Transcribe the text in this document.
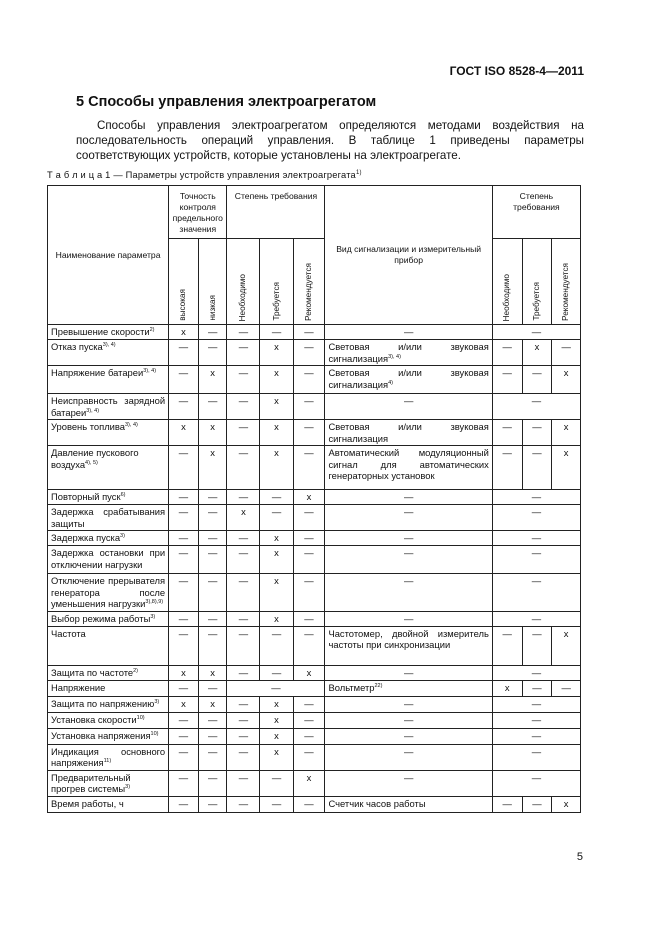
ГОСТ ISO 8528-4—2011
5 Способы управления электроагрегатом
Способы управления электроагрегатом определяются методами воздействия на последовательность операций управления. В таблице 1 приведены параметры соответствующих устройств, которые установлены на электроагрегате.
Т а б л и ц а 1 — Параметры устройств управления электроагрегата$^{1)}$
Наименование параметра	Точность контроля предельного значения		Степень требования			Вид сигнализации и измерительный прибор	Степень требования		

	высокая	низкая	Необходимо	Требуется	Рекомендуется		Необходимо	Требуется	Рекомендуется

Превышение скорости$^{2)}$	x	—	—	—	—	—	—		
Отказ пуска$^{3), 4)}$	—	—	—	x	—	Световая и/или звуковая сигнализация$^{3), 4)}$	—	x	—
Напряжение батареи$^{3), 4)}$	—	x	—	x	—	Световая и/или звуковая сигнализация$^{4)}$	—	—	x
Неисправность зарядной батареи$^{3), 4)}$	—	—	—	x	—	—	—		
Уровень топлива$^{3), 4)}$	x	x	—	x	—	Световая и/или звуковая сигнализация	—	—	x
Давление пускового воздуха$^{4), 5)}$	—	x	—	x	—	Автоматический модуляционный сигнал для автоматических генераторных установок	—	—	x
Повторный пуск$^{6)}$	—	—	—	—	x	—	—		
Задержка срабатывания защиты	—	—	x	—	—	—	—		
Задержка пуска$^{3)}$	—	—	—	x	—	—	—		
Задержка остановки при отключении нагрузки	—	—	—	x	—	—	—		
Отключение прерывателя генератора после уменьшения нагрузки$^{3),8),9)}$	—	—	—	x	—	—	—		
Выбор режима работы$^{3)}$	—	—	—	x	—	—	—		
Частота	—	—	—	—	—	Частотомер, двойной измеритель частоты при синхронизации	—	—	x
Защита по частоте$^{2)}$	x	x	—	—	x	—	—		
Напряжение	—	—	—			Вольтметр$^{22)}$	x	—	—
Защита по напряжению$^{3)}$	x	x	—	x	—	—	—		
Установка скорости$^{10)}$	—	—	—	x	—	—	—		
Установка напряжения$^{10)}$	—	—	—	x	—	—	—		
Индикация основного напряжения$^{11)}$	—	—	—	x	—	—	—		
Предварительный прогрев системы$^{3)}$	—	—	—	—	x	—	—		
Время работы, ч	—	—	—	—	—	Счетчик часов работы	—	—	x
5
